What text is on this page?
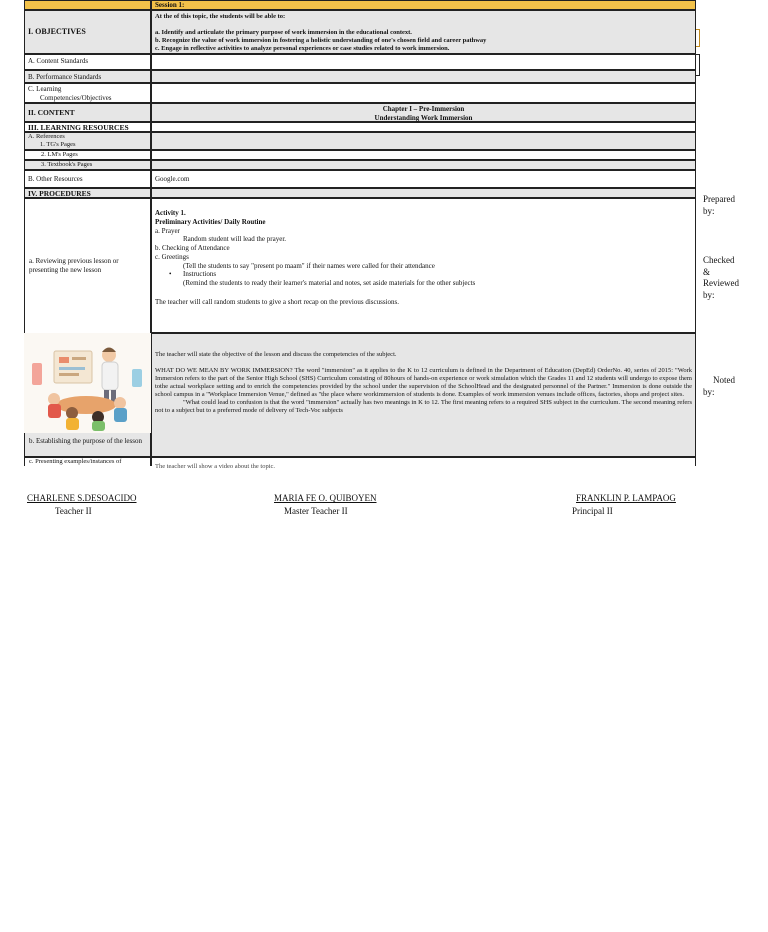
Session 1:
I. OBJECTIVES

At the of this topic, the students will be able to:

a. Identify and articulate the primary purpose of work immersion in the educational context.

b. Recognize the value of work immersion in fostering a holistic understanding of one's chosen field and career pathway

c. Engage in reflective activities to analyze personal experiences or case studies related to work immersion.

A. Content Standards
B. Performance Standards

C. Learning

Competencies/Objectives

II. CONTENT	Chapter I – Pre-Immersion

Understanding Work Immersion

III. LEARNING RESOURCES

A. References

1. TG's Pages

2. LM's Pages
3. Textbook's Pages
B. Other Resources	Google.com
IV. PROCEDURES
a. Reviewing previous lesson or presenting the new lesson

Activity 1.

Preliminary Activities/ Daily Routine

a. Prayer

Random student will lead the prayer.

b. Checking of Attendance

c. Greetings

(Tell the students to say "present po maam" if their names were called for their attendance

• Instructions

(Remind the students to ready their learner's material and notes, set aside materials for the other subjects

The teacher will call random students to give a short recap on the previous discussions.

b. Establishing the purpose of the lesson

The teacher will state the objective of the lesson and discuss the competencies of the subject.

WHAT DO WE MEAN BY WORK IMMERSION? The word "immersion" as it applies to the K to 12 curriculum is defined in the Department of Education (DepEd) OrderNo. 40, series of 2015: "Work Immersion refers to the part of the Senior High School (SHS) Curriculum consisting of 80hours of hands-on experience or work simulation which the Grades 11 and 12 students will undergo to expose them tothe actual workplace setting and to enrich the competencies provided by the school under the supervision of the SchoolHead and the designated personnel of the Partner." Immersion is done outside the school campus in a "Workplace Immersion Venue," defined as "the place where workimmersion of students is done. Examples of work immersion venues include offices, factories, shops and project sites.

"What could lead to confusion is that the word "immersion" actually has two meanings in K to 12. The first meaning refers to a required SHS subject in the curriculum. The second meaning refers not to a subject but to a preferred mode of delivery of Tech-Voc subjects

c. Presenting examples/instances of

The teacher will show a video about the topic.

Prepared by:
Checked & Reviewed by:
Noted by:
CHARLENE S.DESOACIDO
Teacher II
MARIA FE O. QUIBOYEN
Master Teacher II
FRANKLIN P. LAMPAOG
Principal II
